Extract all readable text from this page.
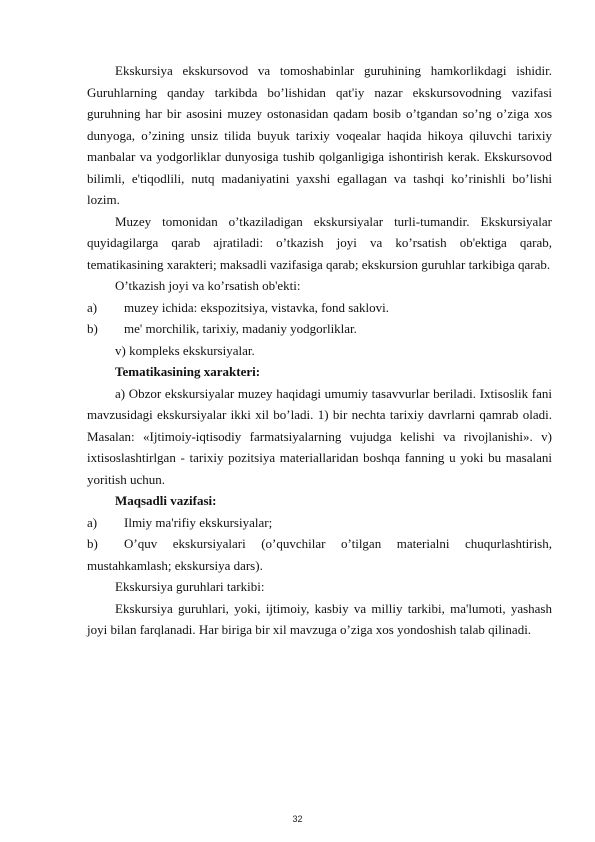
Ekskursiya ekskursovod va tomoshabinlar guruhining hamkorlikdagi ishidir. Guruhlarning qanday tarkibda bo’lishidan qat'iy nazar ekskursovodning vazifasi guruhning har bir asosini muzey ostonasidan qadam bosib o’tgandan so’ng o’ziga xos dunyoga, o’zining unsiz tilida buyuk tarixiy voqealar haqida hikoya qiluvchi tarixiy manbalar va yodgorliklar dunyosiga tushib qolganligiga ishontirish kerak. Ekskursovod bilimli, e'tiqodlili, nutq madaniyatini yaxshi egallagan va tashqi ko’rinishli bo’lishi lozim.

Muzey tomonidan o’tkaziladigan ekskursiyalar turli-tumandir. Ekskursiyalar quyidagilarga qarab ajratiladi: o’tkazish joyi va ko’rsatish ob'ektiga qarab, tematikasining xarakteri; maksadli vazifasiga qarab; ekskursion guruhlar tarkibiga qarab.

O’tkazish joyi va ko’rsatish ob'ekti:

a)	muzey ichida: ekspozitsiya, vistavka, fond saklovi.
b)	me' morchilik, tarixiy, madaniy yodgorliklar.

v) kompleks ekskursiyalar.

Tematikasining xarakteri:

a) Obzor ekskursiyalar muzey haqidagi umumiy tasavvurlar beriladi. Ixtisoslik fani mavzusidagi ekskursiyalar ikki xil bo’ladi. 1) bir nechta tarixiy davrlarni qamrab oladi. Masalan: «Ijtimoiy-iqtisodiy farmatsiyalarning vujudga kelishi va rivojlanishi». v) ixtisoslashtirlgan - tarixiy pozitsiya materiallaridan boshqa fanning u yoki bu masalani yoritish uchun.

Maqsadli vazifasi:

a)	Ilmiy ma'rifiy ekskursiyalar;
b) O’quv ekskursiyalari (o’quvchilar o’tilgan materialni chuqurlashtirish, mustahkamlash; ekskursiya dars).

Ekskursiya guruhlari tarkibi:

Ekskursiya guruhlari, yoki, ijtimoiy, kasbiy va milliy tarkibi, ma'lumoti, yashash joyi bilan farqlanadi. Har biriga bir xil mavzuga o’ziga xos yondoshish talab qilinadi.

32
